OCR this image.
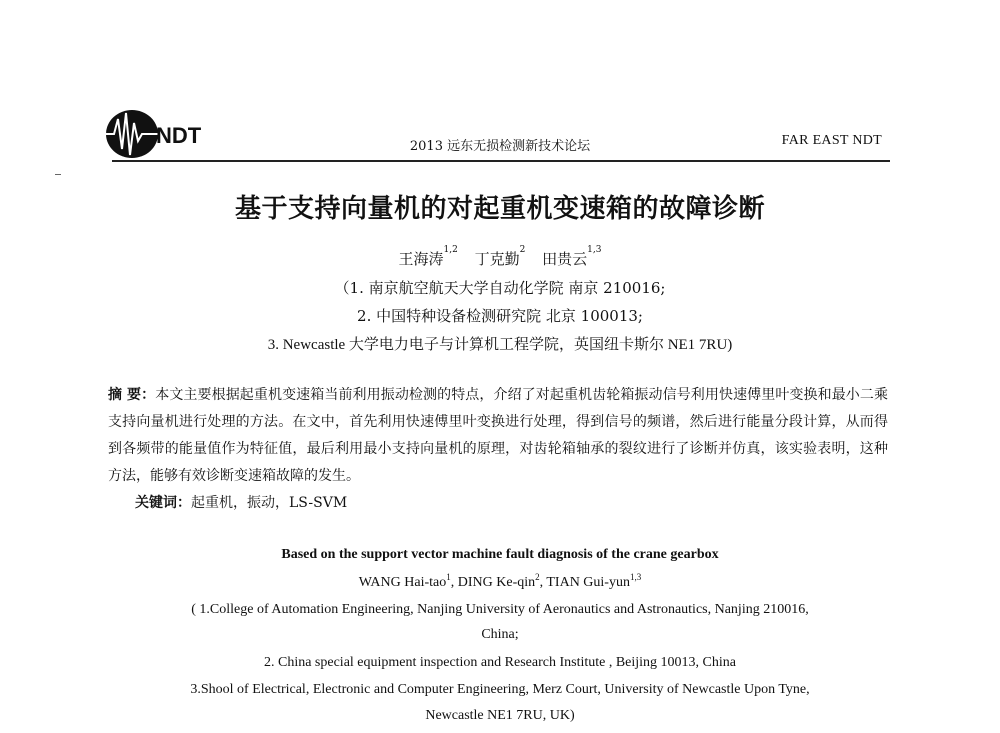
NDT	2013 远东无损检测新技术论坛	FAR EAST NDT
基于支持向量机的对起重机变速箱的故障诊断
王海涛$^{1,2}$ 丁克勤$^2$ 田贵云$^{1,3}$
（1. 南京航空航天大学自动化学院 南京 210016;
2. 中国特种设备检测研究院 北京 100013;
3. Newcastle 大学电力电子与计算机工程学院，英国纽卡斯尔 NE1 7RU)
摘 要：本文主要根据起重机变速箱当前利用振动检测的特点，介绍了对起重机齿轮箱振动信号利用快速傅里叶变换和最小二乘支持向量机进行处理的方法。在文中，首先利用快速傅里叶变换进行处理，得到信号的频谱，然后进行能量分段计算，从而得到各频带的能量值作为特征值，最后利用最小支持向量机的原理，对齿轮箱轴承的裂纹进行了诊断并仿真，该实验表明，这种方法，能够有效诊断变速箱故障的发生。
关键词：起重机，振动，LS-SVM
Based on the support vector machine fault diagnosis of the crane gearbox
WANG Hai-tao$^1$, DING Ke-qin$^2$, TIAN Gui-yun$^{1,3}$
( 1.College of Automation Engineering, Nanjing University of Aeronautics and Astronautics, Nanjing 210016,
China;
2. China special equipment inspection and Research Institute , Beijing 10013, China
3.Shool of Electrical, Electronic and Computer Engineering, Merz Court, University of Newcastle Upon Tyne,
Newcastle NE1 7RU, UK)
